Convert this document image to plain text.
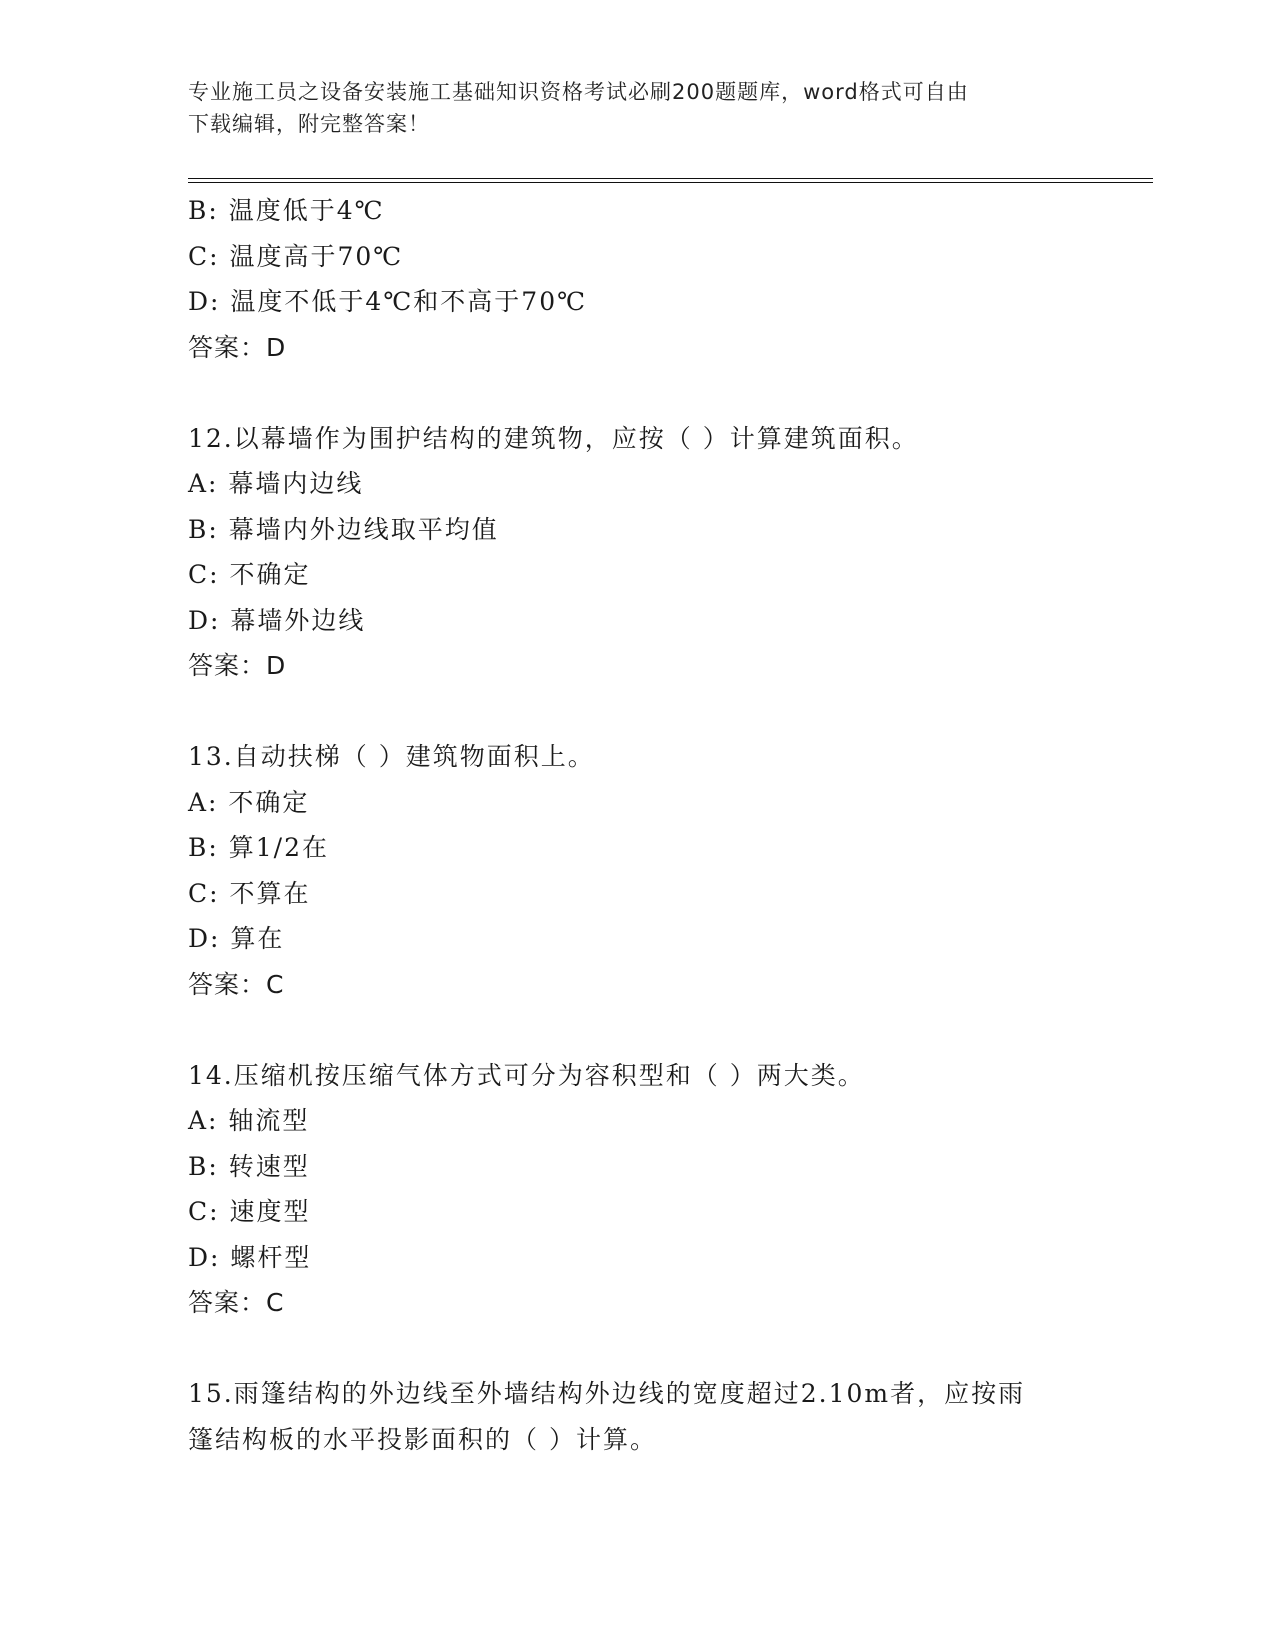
专业施工员之设备安装施工基础知识资格考试必刷200题题库，word格式可自由
下载编辑，附完整答案！
B: 温度低于4℃
C: 温度高于70℃
D: 温度不低于4℃和不高于70℃
答案：D
12.以幕墙作为围护结构的建筑物，应按（ ）计算建筑面积。
A: 幕墙内边线
B: 幕墙内外边线取平均值
C: 不确定
D: 幕墙外边线
答案：D
13.自动扶梯（ ）建筑物面积上。
A: 不确定
B: 算1/2在
C: 不算在
D: 算在
答案：C
14.压缩机按压缩气体方式可分为容积型和（ ）两大类。
A: 轴流型
B: 转速型
C: 速度型
D: 螺杆型
答案：C
15.雨篷结构的外边线至外墙结构外边线的宽度超过2.10m者，应按雨
篷结构板的水平投影面积的（ ）计算。
